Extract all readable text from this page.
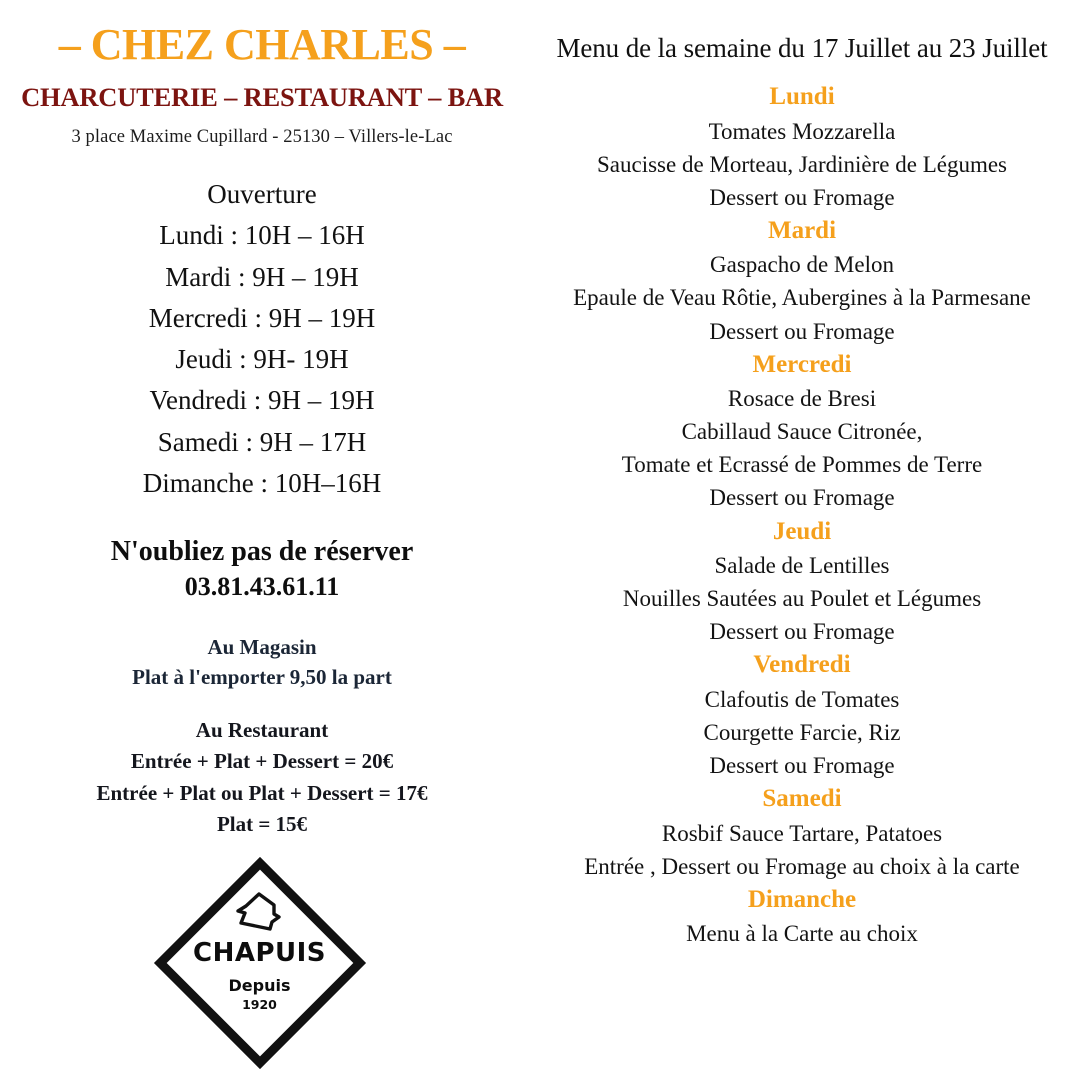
– CHEZ CHARLES –
CHARCUTERIE – RESTAURANT – BAR
3 place Maxime Cupillard - 25130 – Villers-le-Lac
Ouverture
Lundi : 10H – 16H
Mardi : 9H – 19H
Mercredi : 9H – 19H
Jeudi : 9H- 19H
Vendredi : 9H – 19H
Samedi : 9H – 17H
Dimanche : 10H–16H
N'oubliez pas de réserver
03.81.43.61.11
Au Magasin
Plat à l'emporter 9,50 la part
Au Restaurant
Entrée + Plat + Dessert = 20€
Entrée + Plat ou Plat + Dessert = 17€
Plat = 15€
CHAPUIS
Depuis
1920
Menu de la semaine du 17 Juillet au 23 Juillet
Lundi
Tomates Mozzarella
Saucisse de Morteau, Jardinière de Légumes
Dessert ou Fromage
Mardi
Gaspacho de Melon
Epaule de Veau Rôtie, Aubergines à la Parmesane
Dessert ou Fromage
Mercredi
Rosace de Bresi
Cabillaud Sauce Citronée,
Tomate et Ecrassé de Pommes de Terre
Dessert ou Fromage
Jeudi
Salade de Lentilles
Nouilles Sautées au Poulet et Légumes
Dessert ou Fromage
Vendredi
Clafoutis de Tomates
Courgette Farcie, Riz
Dessert ou Fromage
Samedi
Rosbif Sauce Tartare, Patatoes
Entrée , Dessert ou Fromage au choix à la carte
Dimanche
Menu à la Carte au choix
